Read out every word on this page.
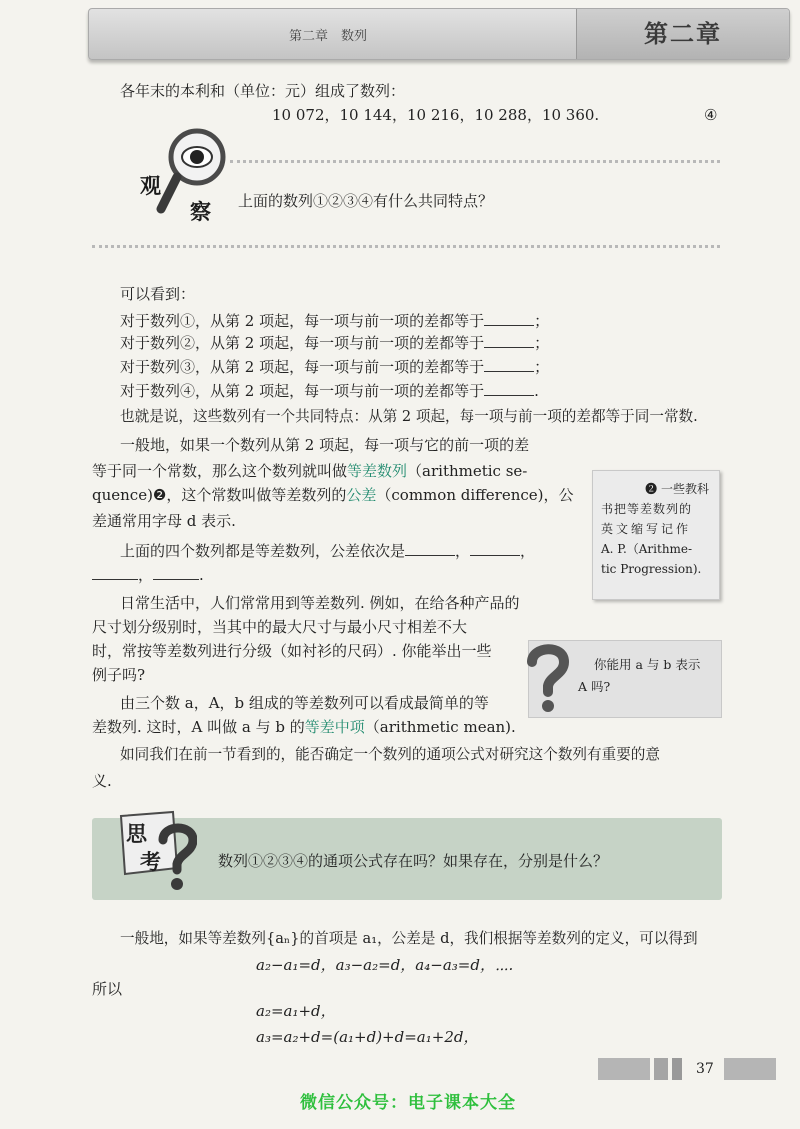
第二章　数列	第二章
各年末的本利和（单位：元）组成了数列：
10 072，10 144，10 216，10 288，10 360.	④
观
察 上面的数列①②③④有什么共同特点？
可以看到：
对于数列①，从第 2 项起，每一项与前一项的差都等于	；
对于数列②，从第 2 项起，每一项与前一项的差都等于	；
对于数列③，从第 2 项起，每一项与前一项的差都等于	；
对于数列④，从第 2 项起，每一项与前一项的差都等于	.
也就是说，这些数列有一个共同特点：从第 2 项起，每一项与前一项的差都等于同一常数.
一般地，如果一个数列从第 2 项起，每一项与它的前一项的差
等于同一个常数，那么这个数列就叫做等差数列（arithmetic se-
quence)❷，这个常数叫做等差数列的公差（common difference)，公
差通常用字母 d 表示.
上面的四个数列都是等差数列，公差依次是	，	，
，	.
❷ 一些教科
书把等差数列的
英文缩写记作
A. P.（Arithme-
tic Progression).
日常生活中，人们常常用到等差数列. 例如，在给各种产品的
尺寸划分级别时，当其中的最大尺寸与最小尺寸相差不大
时，常按等差数列进行分级（如衬衫的尺码）. 你能举出一些
例子吗?
你能用 a 与 b 表示
A 吗?
由三个数 a，A，b 组成的等差数列可以看成最简单的等
差数列. 这时，A 叫做 a 与 b 的等差中项（arithmetic mean).
如同我们在前一节看到的，能否确定一个数列的通项公式对研究这个数列有重要的意
义.
思
考	数列①②③④的通项公式存在吗？如果存在，分别是什么？
一般地，如果等差数列{aₙ}的首项是 a₁，公差是 d，我们根据等差数列的定义，可以得到
a₂−a₁=d，a₃−a₂=d，a₄−a₃=d，⋯.
所以
a₂=a₁+d，
a₃=a₂+d=(a₁+d)+d=a₁+2d，
37
微信公众号：电子课本大全
